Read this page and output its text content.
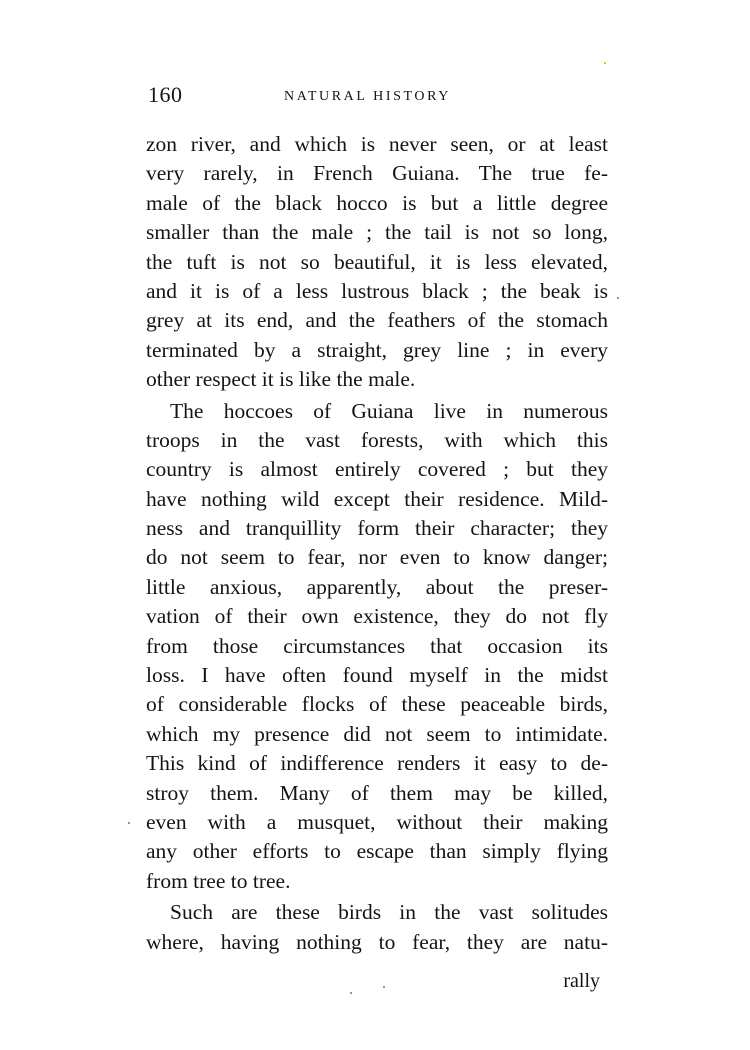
160	NATURAL HISTORY
zon river, and which is never seen, or at least
very rarely, in French Guiana. The true fe-
male of the black hocco is but a little degree
smaller than the male ; the tail is not so long,
the tuft is not so beautiful, it is less elevated,
and it is of a less lustrous black ; the beak is
grey at its end, and the feathers of the stomach
terminated by a straight, grey line ; in every
other respect it is like the male.
The hoccoes of Guiana live in numerous
troops in the vast forests, with which this
country is almost entirely covered ; but they
have nothing wild except their residence. Mild-
ness and tranquillity form their character; they
do not seem to fear, nor even to know danger;
little anxious, apparently, about the preser-
vation of their own existence, they do not fly
from those circumstances that occasion its
loss. I have often found myself in the midst
of considerable flocks of these peaceable birds,
which my presence did not seem to intimidate.
This kind of indifference renders it easy to de-
stroy them. Many of them may be killed,
even with a musquet, without their making
any other efforts to escape than simply flying
from tree to tree.
Such are these birds in the vast solitudes
where, having nothing to fear, they are natu-
rally
